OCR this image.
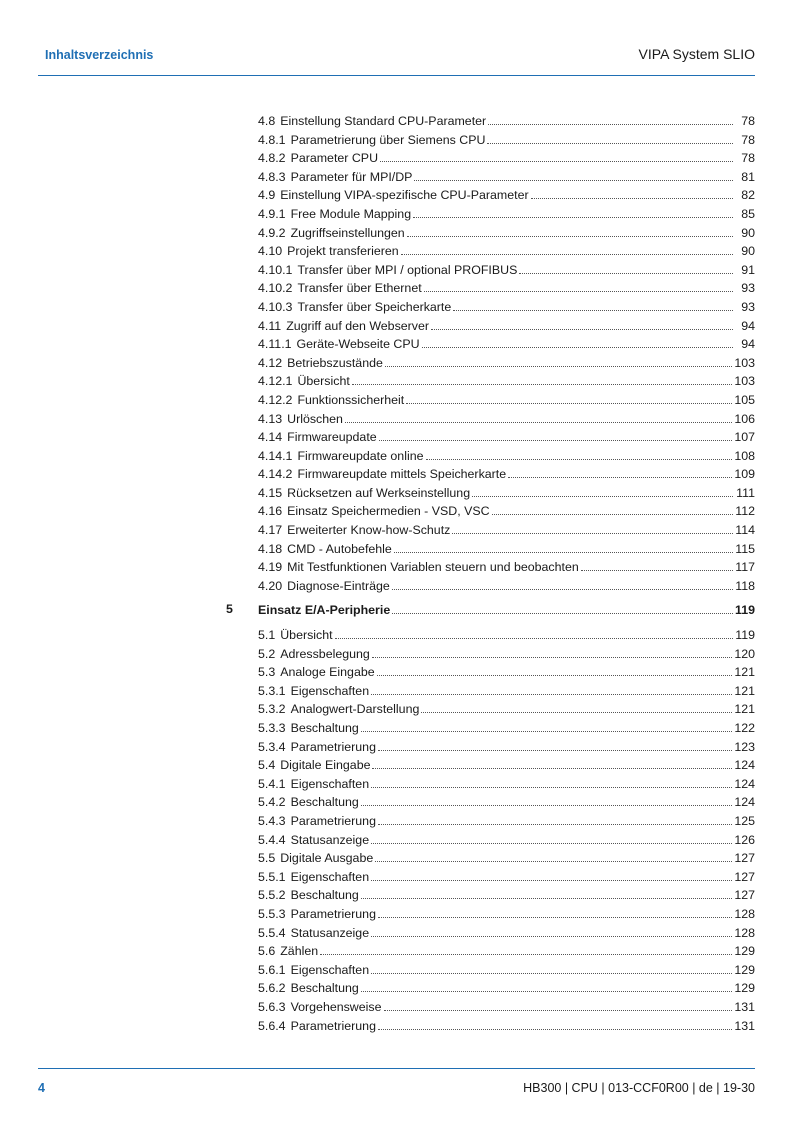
Inhaltsverzeichnis	VIPA System SLIO
4.8 Einstellung Standard CPU-Parameter	78
4.8.1 Parametrierung über Siemens CPU	78
4.8.2 Parameter CPU	78
4.8.3 Parameter für MPI/DP	81
4.9 Einstellung VIPA-spezifische CPU-Parameter	82
4.9.1 Free Module Mapping	85
4.9.2 Zugriffseinstellungen	90
4.10 Projekt transferieren	90
4.10.1 Transfer über MPI / optional PROFIBUS	91
4.10.2 Transfer über Ethernet	93
4.10.3 Transfer über Speicherkarte	93
4.11 Zugriff auf den Webserver	94
4.11.1 Geräte-Webseite CPU	94
4.12 Betriebszustände	103
4.12.1 Übersicht	103
4.12.2 Funktionssicherheit	105
4.13 Urlöschen	106
4.14 Firmwareupdate	107
4.14.1 Firmwareupdate online	108
4.14.2 Firmwareupdate mittels Speicherkarte	109
4.15 Rücksetzen auf Werkseinstellung	111
4.16 Einsatz Speichermedien - VSD, VSC	112
4.17 Erweiterter Know-how-Schutz	114
4.18 CMD - Autobefehle	115
4.19 Mit Testfunktionen Variablen steuern und beobachten	117
4.20 Diagnose-Einträge	118
5 Einsatz E/A-Peripherie	119
5.1 Übersicht	119
5.2 Adressbelegung	120
5.3 Analoge Eingabe	121
5.3.1 Eigenschaften	121
5.3.2 Analogwert-Darstellung	121
5.3.3 Beschaltung	122
5.3.4 Parametrierung	123
5.4 Digitale Eingabe	124
5.4.1 Eigenschaften	124
5.4.2 Beschaltung	124
5.4.3 Parametrierung	125
5.4.4 Statusanzeige	126
5.5 Digitale Ausgabe	127
5.5.1 Eigenschaften	127
5.5.2 Beschaltung	127
5.5.3 Parametrierung	128
5.5.4 Statusanzeige	128
5.6 Zählen	129
5.6.1 Eigenschaften	129
5.6.2 Beschaltung	129
5.6.3 Vorgehensweise	131
5.6.4 Parametrierung	131
4	HB300 | CPU | 013-CCF0R00 | de | 19-30
